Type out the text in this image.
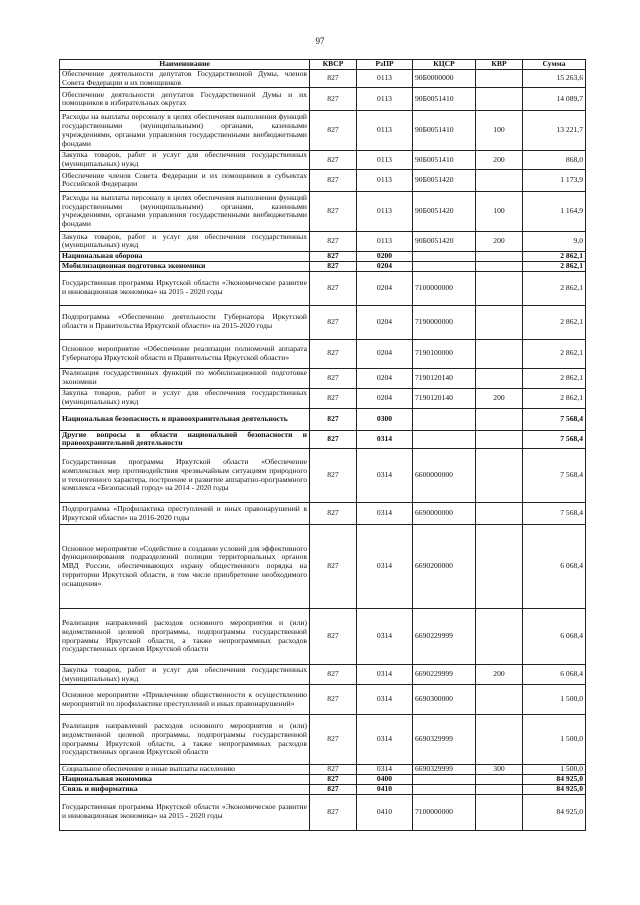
97
Наименование	КВСР	РзПР	КЦСР	КВР	Сумма
Обеспечение деятельности депутатов Государственной Думы, членов Совета Федерации и их помощников	827	0113	90Б0000000		15 263,6
Обеспечение деятельности депутатов Государственной Думы и их помощников в избирательных округах	827	0113	90Б0051410		14 089,7
Расходы на выплаты персоналу в целях обеспечения выполнения функций государственными (муниципальными) органами, казенными учреждениями, органами управления государственными внебюджетными фондами	827	0113	90Б0051410	100	13 221,7
Закупка товаров, работ и услуг для обеспечения государственных (муниципальных) нужд	827	0113	90Б0051410	200	868,0
Обеспечение членов Совета Федерации и их помощников в субъектах Российской Федерации	827	0113	90Б0051420		1 173,9
Расходы на выплаты персоналу в целях обеспечения выполнения функций государственными (муниципальными) органами, казенными учреждениями, органами управления государственными внебюджетными фондами	827	0113	90Б0051420	100	1 164,9
Закупка товаров, работ и услуг для обеспечения государственных (муниципальных) нужд	827	0113	90Б0051420	200	9,0
Национальная оборона	827	0200			2 862,1
Мобилизационная подготовка экономики	827	0204			2 862,1
Государственная программа Иркутской области «Экономическое развитие и инновационная экономика» на 2015 - 2020 годы	827	0204	7100000000		2 862,1
Подпрограмма «Обеспечение деятельности Губернатора Иркутской области и Правительства Иркутской области» на 2015-2020 годы	827	0204	7190000000		2 862,1
Основное мероприятие «Обеспечение реализации полномочий аппарата Губернатора Иркутской области и Правительства Иркутской области»	827	0204	7190100000		2 862,1
Реализация государственных функций по мобилизационной подготовке экономики	827	0204	7190120140		2 862,1
Закупка товаров, работ и услуг для обеспечения государственных (муниципальных) нужд	827	0204	7190120140	200	2 862,1
Национальная безопасность и правоохранительная деятельность	827	0300			7 568,4
Другие вопросы в области национальной безопасности и правоохранительной деятельности	827	0314			7 568,4
Государственная программа Иркутской области «Обеспечение комплексных мер противодействия чрезвычайным ситуациям природного и техногенного характера, построение и развитие аппаратно-программного комплекса «Безопасный город» на 2014 - 2020 годы	827	0314	6600000000		7 568,4
Подпрограмма «Профилактика преступлений и иных правонарушений в Иркутской области» на 2016-2020 годы	827	0314	6690000000		7 568,4
Основное мероприятие «Содействие в создании условий для эффективного функционирования подразделений полиции территориальных органов МВД России, обеспечивающих охрану общественного порядка на территории Иркутской области, в том числе приобретение необходимого оснащения»	827	0314	6690200000		6 068,4
Реализация направлений расходов основного мероприятия и (или) ведомственной целевой программы, подпрограммы государственной программы Иркутской области, а также непрограммных расходов государственных органов Иркутской области	827	0314	6690229999		6 068,4
Закупка товаров, работ и услуг для обеспечения государственных (муниципальных) нужд	827	0314	6690229999	200	6 068,4
Основное мероприятие «Привлечение общественности к осуществлению мероприятий по профилактике преступлений и иных правонарушений»	827	0314	6690300000		1 500,0
Реализация направлений расходов основного мероприятия и (или) ведомственной целевой программы, подпрограммы государственной программы Иркутской области, а также непрограммных расходов государственных органов Иркутской области	827	0314	6690329999		1 500,0
Социальное обеспечение и иные выплаты населению	827	0314	6690329999	300	1 500,0
Национальная экономика	827	0400			84 925,0
Связь и информатика	827	0410			84 925,0
Государственная программа Иркутской области «Экономическое развитие и инновационная экономика» на 2015 - 2020 годы	827	0410	7100000000		84 925,0
